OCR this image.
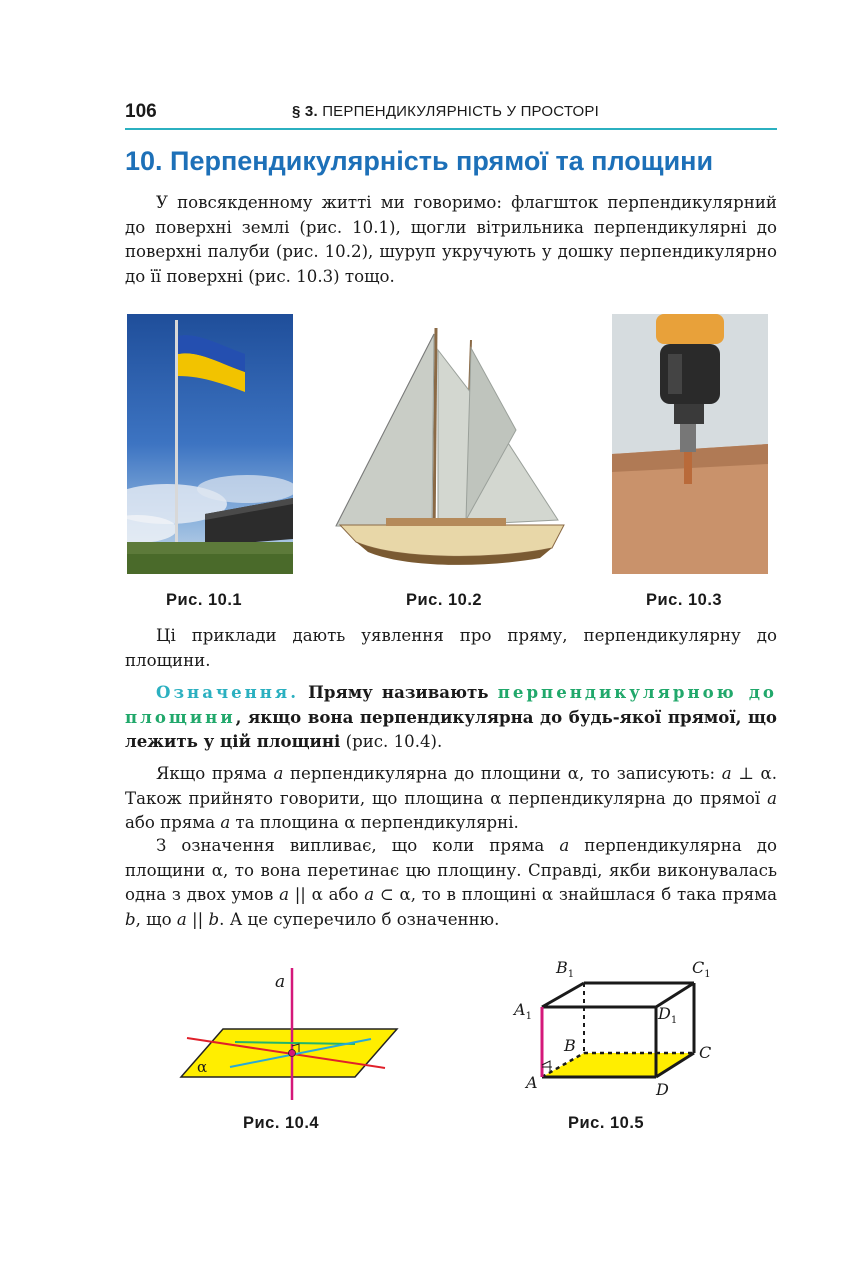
106	§ 3. ПЕРПЕНДИКУЛЯРНІСТЬ У ПРОСТОРІ
10. Перпендикулярність прямої та площини

У повсякденному житті ми говоримо: флагшток перпендикулярний до поверхні землі (рис. 10.1), щогли вітрильника перпендикулярні до поверхні палуби (рис. 10.2), шуруп укручують у дошку перпендикулярно до її поверхні (рис. 10.3) тощо.

Рис. 10.1	Рис. 10.2	Рис. 10.3

Ці приклади дають уявлення про пряму, перпендикулярну до площини.

Означення. Пряму називають перпендикулярною до площини, якщо вона перпендикулярна до будь-якої прямої, що лежить у цій площині (рис. 10.4).

Якщо пряма a перпендикулярна до площини α, то записують: a ⊥ α. Також прийнято говорити, що площина α перпендикулярна до прямої a або пряма a та площина α перпендикулярні.

З означення випливає, що коли пряма a перпендикулярна до площини α, то вона перетинає цю площину. Справді, якби виконувалась одна з двох умов a || α або a ⊂ α, то в площині α знайшлася б така пряма b, що a || b. А це суперечило б означенню.

a
α
Рис. 10.4
$B_1$	$C_1$
$A_1$	$D_1$
B	C
A	D
Рис. 10.5
